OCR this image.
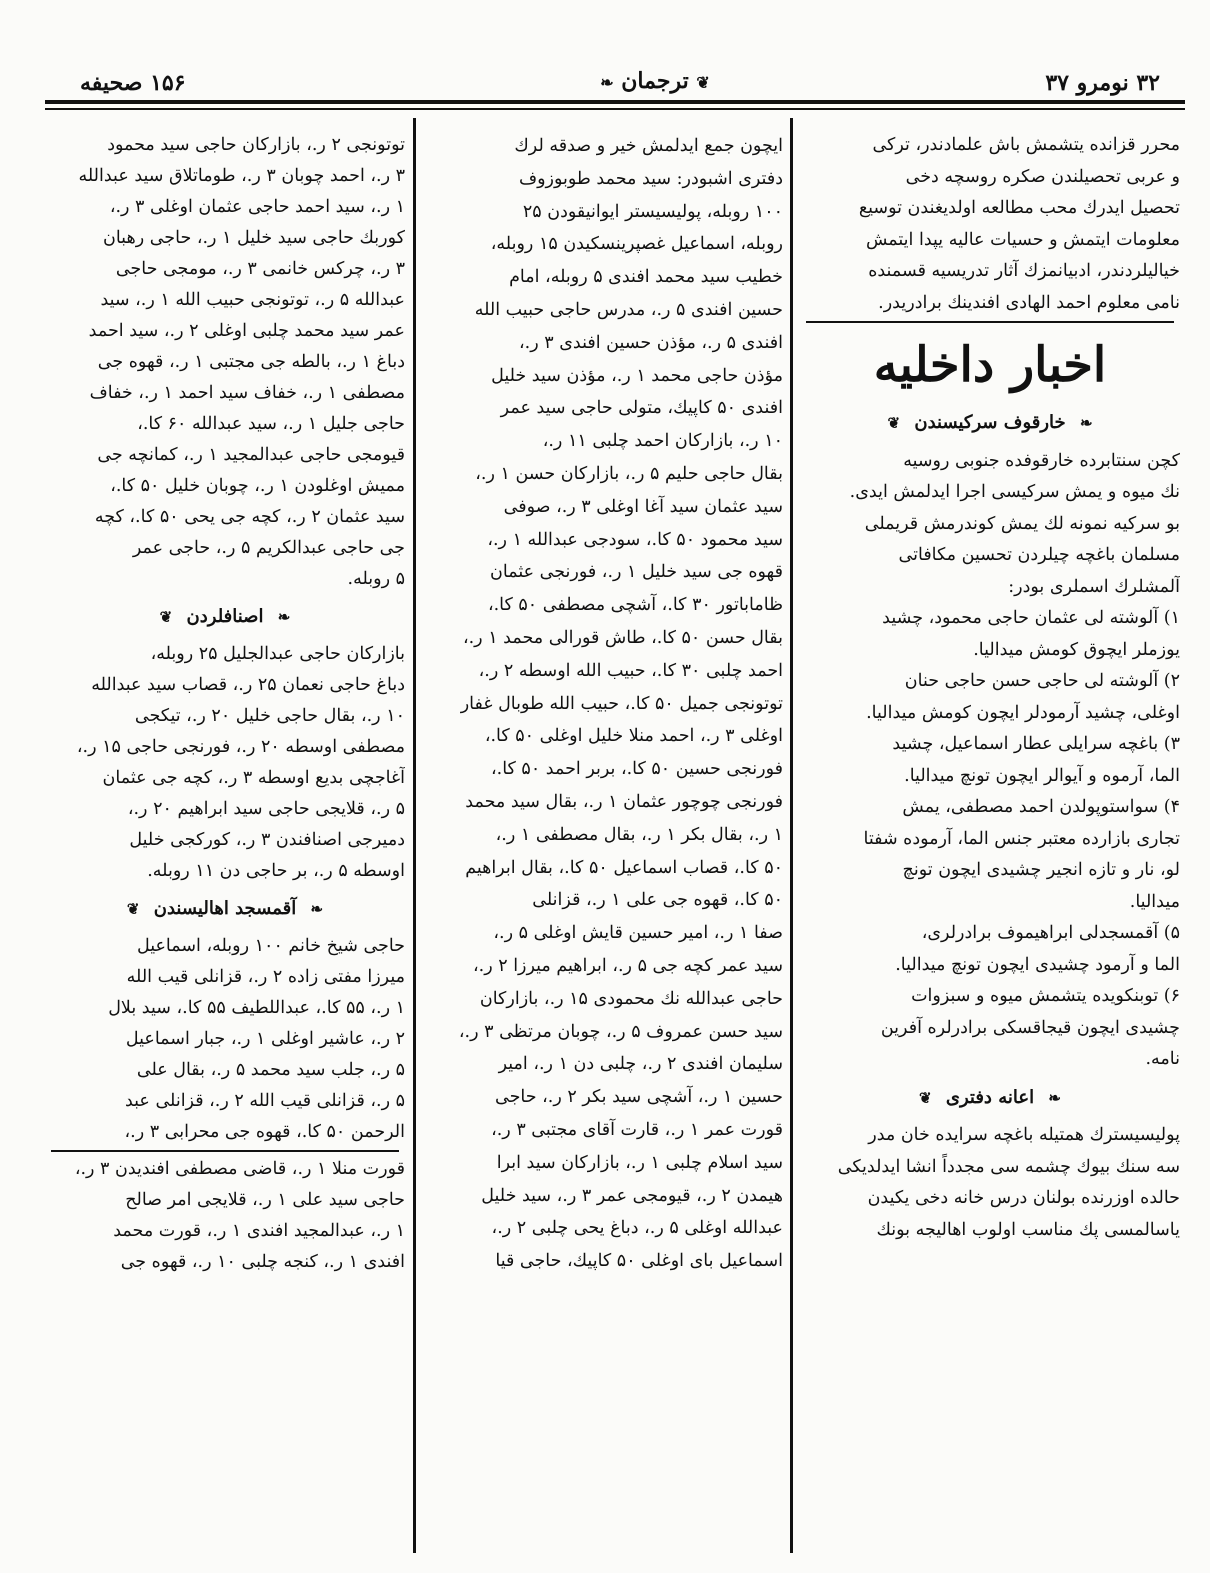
۳۲ نومرو ۳۷
❦ ترجمان ❧
۱۵۶ صحیفه
محرر قزانده یتشمش باش علمادندر، ترکی
و عربی تحصیلندن صکره روسچه دخی
تحصیل ایدرك محب مطالعه اولدیغندن توسیع
معلومات ایتمش و حسیات عالیه یپدا ایتمش
خیالیلردندر، ادبیانمزك آثار تدریسیه قسمنده
نامی معلوم احمد الهادی افندینك برادریدر.
اخبار داخلیه
❧ خارقوف سرکیسندن ❦
کچن سنتابرده خارقوفده جنوبی روسیه
نك میوه و یمش سرکیسی اجرا ایدلمش ایدی.
بو سرکیه نمونه لك یمش کوندرمش قریملی
مسلمان باغچه چیلردن تحسین مکافاتی
آلمشلرك اسملری بودر:
۱) آلوشته لی عثمان حاجی محمود، چشید
یوزملر ایچوق کومش میدالیا.
۲) آلوشته لی حاجی حسن حاجی حنان
اوغلی، چشید آرمودلر ایچون کومش میدالیا.
۳) باغچه سرایلی عطار اسماعیل، چشید
الما، آرموه و آیوالر ایچون تونچ میدالیا.
۴) سواستوپولدن احمد مصطفی، یمش
تجاری بازارده معتبر جنس الما، آرموده شفتا
لو، نار و تازه انجیر چشیدی ایچون تونچ
میدالیا.
۵) آقمسجدلی ابراهیموف برادرلری،
الما و آرمود چشیدی ایچون تونچ میدالیا.
۶) توبنکویده یتشمش میوه و سبزوات
چشیدی ایچون قیجاقسکی برادرلره آفرین
نامه.
❧ اعانه دفتری ❦
پولیسیسترك همتیله باغچه سرایده خان مدر
سه سنك بیوك چشمه سی مجدداً انشا ایدلدیکی
حالده اوزرنده بولنان درس خانه دخی یکیدن
یاسالمسی پك مناسب اولوب اهالیجه بونك
ایچون جمع ایدلمش خیر و صدقه لرك
دفتری اشبودر: سید محمد طوبوزوف
۱۰۰ روبله، پولیسیستر ایوانیقودن ۲۵
روبله، اسماعیل غصپرینسکیدن ۱۵ روبله،
خطیب سید محمد افندی ۵ روبله، امام
حسین افندی ۵ ر.، مدرس حاجی حبیب الله
افندی ۵ ر.، مؤذن حسین افندی ۳ ر.،
مؤذن حاجی محمد ۱ ر.، مؤذن سید خلیل
افندی ۵۰ کاپیك، متولی حاجی سید عمر
۱۰ ر.، بازارکان احمد چلبی ۱۱ ر.،
بقال حاجی حلیم ۵ ر.، بازارکان حسن ۱ ر.،
سید عثمان سید آغا اوغلی ۳ ر.، صوفی
سید محمود ۵۰ کا.، سودجی عبدالله ۱ ر.،
قهوه جی سید خلیل ۱ ر.، فورنجی عثمان
ظاماباتور ۳۰ کا.، آشچی مصطفی ۵۰ کا.،
بقال حسن ۵۰ کا.، طاش قورالی محمد ۱ ر.،
احمد چلبی ۳۰ کا.، حبیب الله اوسطه ۲ ر.،
توتونجی جمیل ۵۰ کا.، حبیب الله طوبال غفار
اوغلی ۳ ر.، احمد منلا خلیل اوغلی ۵۰ کا.،
فورنجی حسین ۵۰ کا.، بربر احمد ۵۰ کا.،
فورنجی چوچور عثمان ۱ ر.، بقال سید محمد
۱ ر.، بقال بکر ۱ ر.، بقال مصطفی ۱ ر.،
۵۰ کا.، قصاب اسماعیل ۵۰ کا.، بقال ابراهیم
۵۰ کا.، قهوه جی علی ۱ ر.، قزانلی
صفا ۱ ر.، امیر حسین قایش اوغلی ۵ ر.،
سید عمر کچه جی ۵ ر.، ابراهیم میرزا ۲ ر.،
حاجی عبدالله نك محمودی ۱۵ ر.، بازارکان
سید حسن عمروف ۵ ر.، چوبان مرتظی ۳ ر.،
سلیمان افندی ۲ ر.، چلبی دن ۱ ر.، امیر
حسین ۱ ر.، آشچی سید بکر ۲ ر.، حاجی
قورت عمر ۱ ر.، قارت آقای مجتبی ۳ ر.،
سید اسلام چلبی ۱ ر.، بازارکان سید ابرا
هیمدن ۲ ر.، قیومجی عمر ۳ ر.، سید خلیل
عبدالله اوغلی ۵ ر.، دباغ یحی چلبی ۲ ر.،
اسماعیل بای اوغلی ۵۰ کاپیك، حاجی قیا
توتونجی ۲ ر.، بازارکان حاجی سید محمود
۳ ر.، احمد چوبان ۳ ر.، طوماتلاق سید عبدالله
۱ ر.، سید احمد حاجی عثمان اوغلی ۳ ر.،
کوربك حاجی سید خلیل ۱ ر.، حاجی رهبان
۳ ر.، چرکس خانمی ۳ ر.، مومجی حاجی
عبدالله ۵ ر.، توتونجی حبیب الله ۱ ر.، سید
عمر سید محمد چلبی اوغلی ۲ ر.، سید احمد
دباغ ۱ ر.، بالطه جی مجتبی ۱ ر.، قهوه جی
مصطفی ۱ ر.، خفاف سید احمد ۱ ر.، خفاف
حاجی جلیل ۱ ر.، سید عبدالله ۶۰ کا.،
قیومجی حاجی عبدالمجید ۱ ر.، کمانچه جی
ممیش اوغلودن ۱ ر.، چوبان خلیل ۵۰ کا.،
سید عثمان ۲ ر.، کچه جی یحی ۵۰ کا.، کچه
جی حاجی عبدالکریم ۵ ر.، حاجی عمر
۵ روبله.
❧ اصنافلردن ❦
بازارکان حاجی عبدالجلیل ۲۵ روبله،
دباغ حاجی نعمان ۲۵ ر.، قصاب سید عبدالله
۱۰ ر.، بقال حاجی خلیل ۲۰ ر.، تیکجی
مصطفی اوسطه ۲۰ ر.، فورنجی حاجی ۱۵ ر.،
آغاجچی بدیع اوسطه ۳ ر.، کچه جی عثمان
۵ ر.، قلایجی حاجی سید ابراهیم ۲۰ ر.،
دمیرجی اصنافندن ۳ ر.، کورکجی خلیل
اوسطه ۵ ر.، بر حاجی دن ۱۱ روبله.
❧ آقمسجد اهالیسندن ❦
حاجی شیخ خانم ۱۰۰ روبله، اسماعیل
میرزا مفتی زاده ۲ ر.، قزانلی قیب الله
۱ ر.، ۵۵ کا.، عبداللطیف ۵۵ کا.، سید بلال
۲ ر.، عاشیر اوغلی ۱ ر.، جبار اسماعیل
۵ ر.، جلب سید محمد ۵ ر.، بقال علی
۵ ر.، قزانلی قیب الله ۲ ر.، قزانلی عبد
الرحمن ۵۰ کا.، قهوه جی محرابی ۳ ر.،
قورت منلا ۱ ر.، قاضی مصطفی افندیدن ۳ ر.،
حاجی سید علی ۱ ر.، قلایجی امر صالح
۱ ر.، عبدالمجید افندی ۱ ر.، قورت محمد
افندی ۱ ر.، کنجه چلبی ۱۰ ر.، قهوه جی
